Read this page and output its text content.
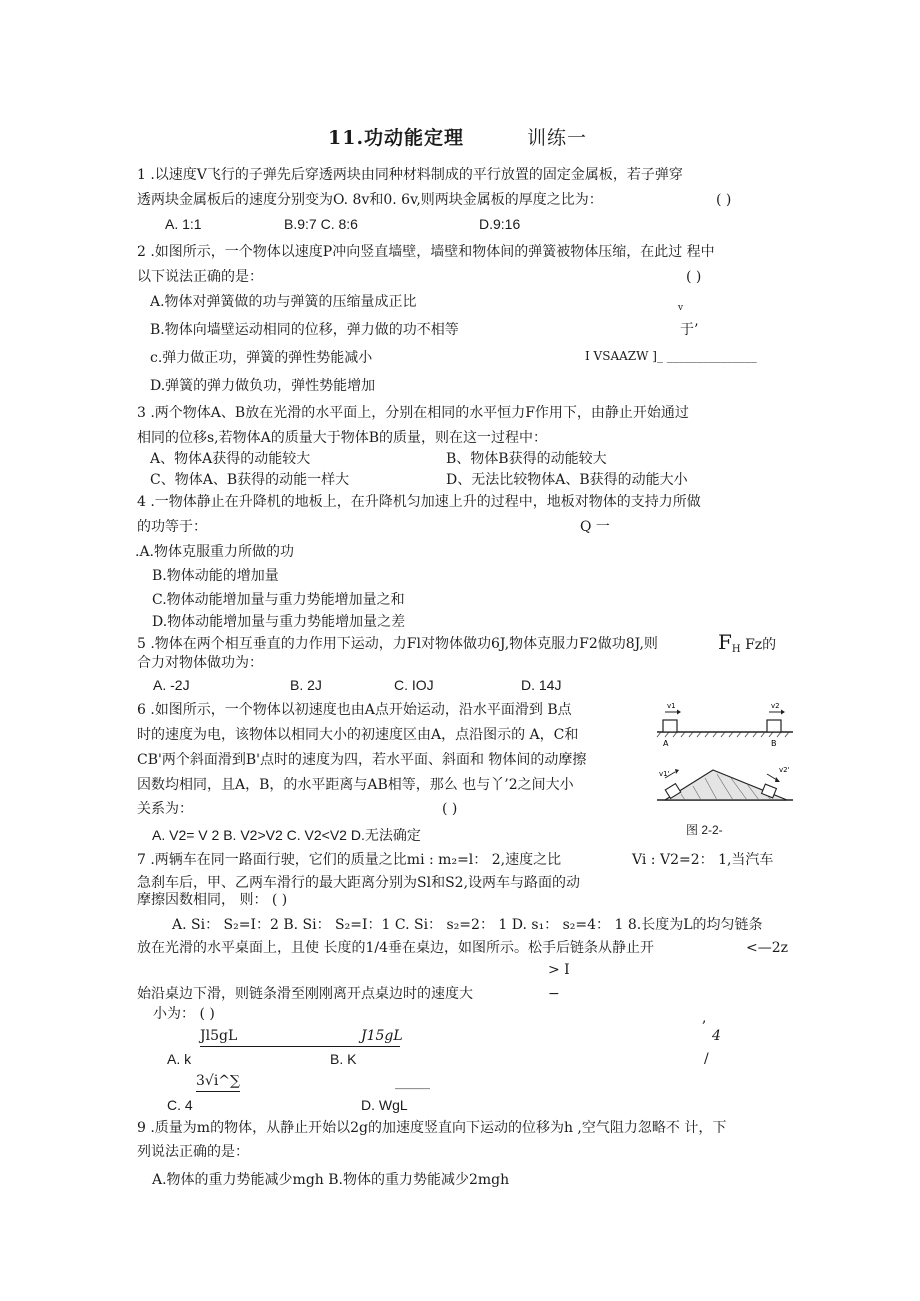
11.功动能定理	训练一
1 .以速度V飞行的子弹先后穿透两块由同种材料制成的平行放置的固定金属板，若子弹穿
透两块金属板后的速度分别变为O. 8v和0. 6v,则两块金属板的厚度之比为：	( )
A. 1:1	B.9:7 C. 8:6	D.9:16
2 .如图所示，一个物体以速度P冲向竖直墙壁，墙壁和物体间的弹簧被物体压缩，在此过 程中
以下说法正确的是：	( )
A.物体对弹簧做的功与弹簧的压缩量成正比	v
B.物体向墙壁运动相同的位移，弹力做的功不相等	于’
c.弹力做正功，弹簧的弹性势能减小	I VSAAZW ]_ _______________
D.弹簧的弹力做负功，弹性势能增加
3 .两个物体A、B放在光滑的水平面上，分别在相同的水平恒力F作用下，由静止开始通过
相同的位移s,若物体A的质量大于物体B的质量，则在这一过程中：
A、物体A获得的动能较大	B、物体B获得的动能较大
C、物体A、B获得的动能一样大	D、无法比较物体A、B获得的动能大小
4 .一物体静止在升降机的地板上，在升降机匀加速上升的过程中，地板对物体的支持力所做
的功等于：	Q 一
.A.物体克服重力所做的功
B.物体动能的增加量
C.物体动能增加量与重力势能增加量之和
D.物体动能增加量与重力势能增加量之差
5 .物体在两个相互垂直的力作用下运动，力Fl对物体做功6J,物体克服力F2做功8J,则	$F_H$ Fz的
合力对物体做功为：
A. -2J	B. 2J	C. IOJ	D. 14J
6 .如图所示，一个物体以初速度也由A点开始运动，沿水平面滑到 B点
时的速度为电，该物体以相同大小的初速度区由A，点沿图示的 A，C和
CB'两个斜面滑到B'点时的速度为四，若水平面、斜面和 物体间的动摩擦
因数均相同，且A，B，的水平距离与AB相等，那么 也与丫’2之间大小
关系为：	( )
A. V2= V 2 B. V2>V2 C. V2<V2 D.无法确定	图 2-2-
v1	v2
A	B
v1'	v2'
7 .两辆车在同一路面行驶，它们的质量之比mi : m₂=l： 2,速度之比	Vi : V2=2： 1,当汽车
急刹车后，甲、乙两车滑行的最大距离分别为Sl和S2,设两车与路面的动
摩擦因数相同， 则： ( )
A. Si： S₂=I：2 B. Si： S₂=I：1 C. Si： s₂=2： 1 D. s₁： s₂=4： 1 8.长度为L的均匀链条
放在光滑的水平桌面上，且使 长度的1/4垂在桌边，如图所示。松手后链条从静止开	<—2z
> I
始沿桌边下滑，则链条滑至刚刚离开点桌边时的速度大	−
小为： ( )	,
Jl5gL	J15gL	4
A. k	B. K	/
3√i^∑	_____
C. 4	D. WgL
9 .质量为m的物体，从静止开始以2g的加速度竖直向下运动的位移为h ,空气阻力忽略不 计，下
列说法正确的是：
A.物体的重力势能减少mgh B.物体的重力势能减少2mgh
